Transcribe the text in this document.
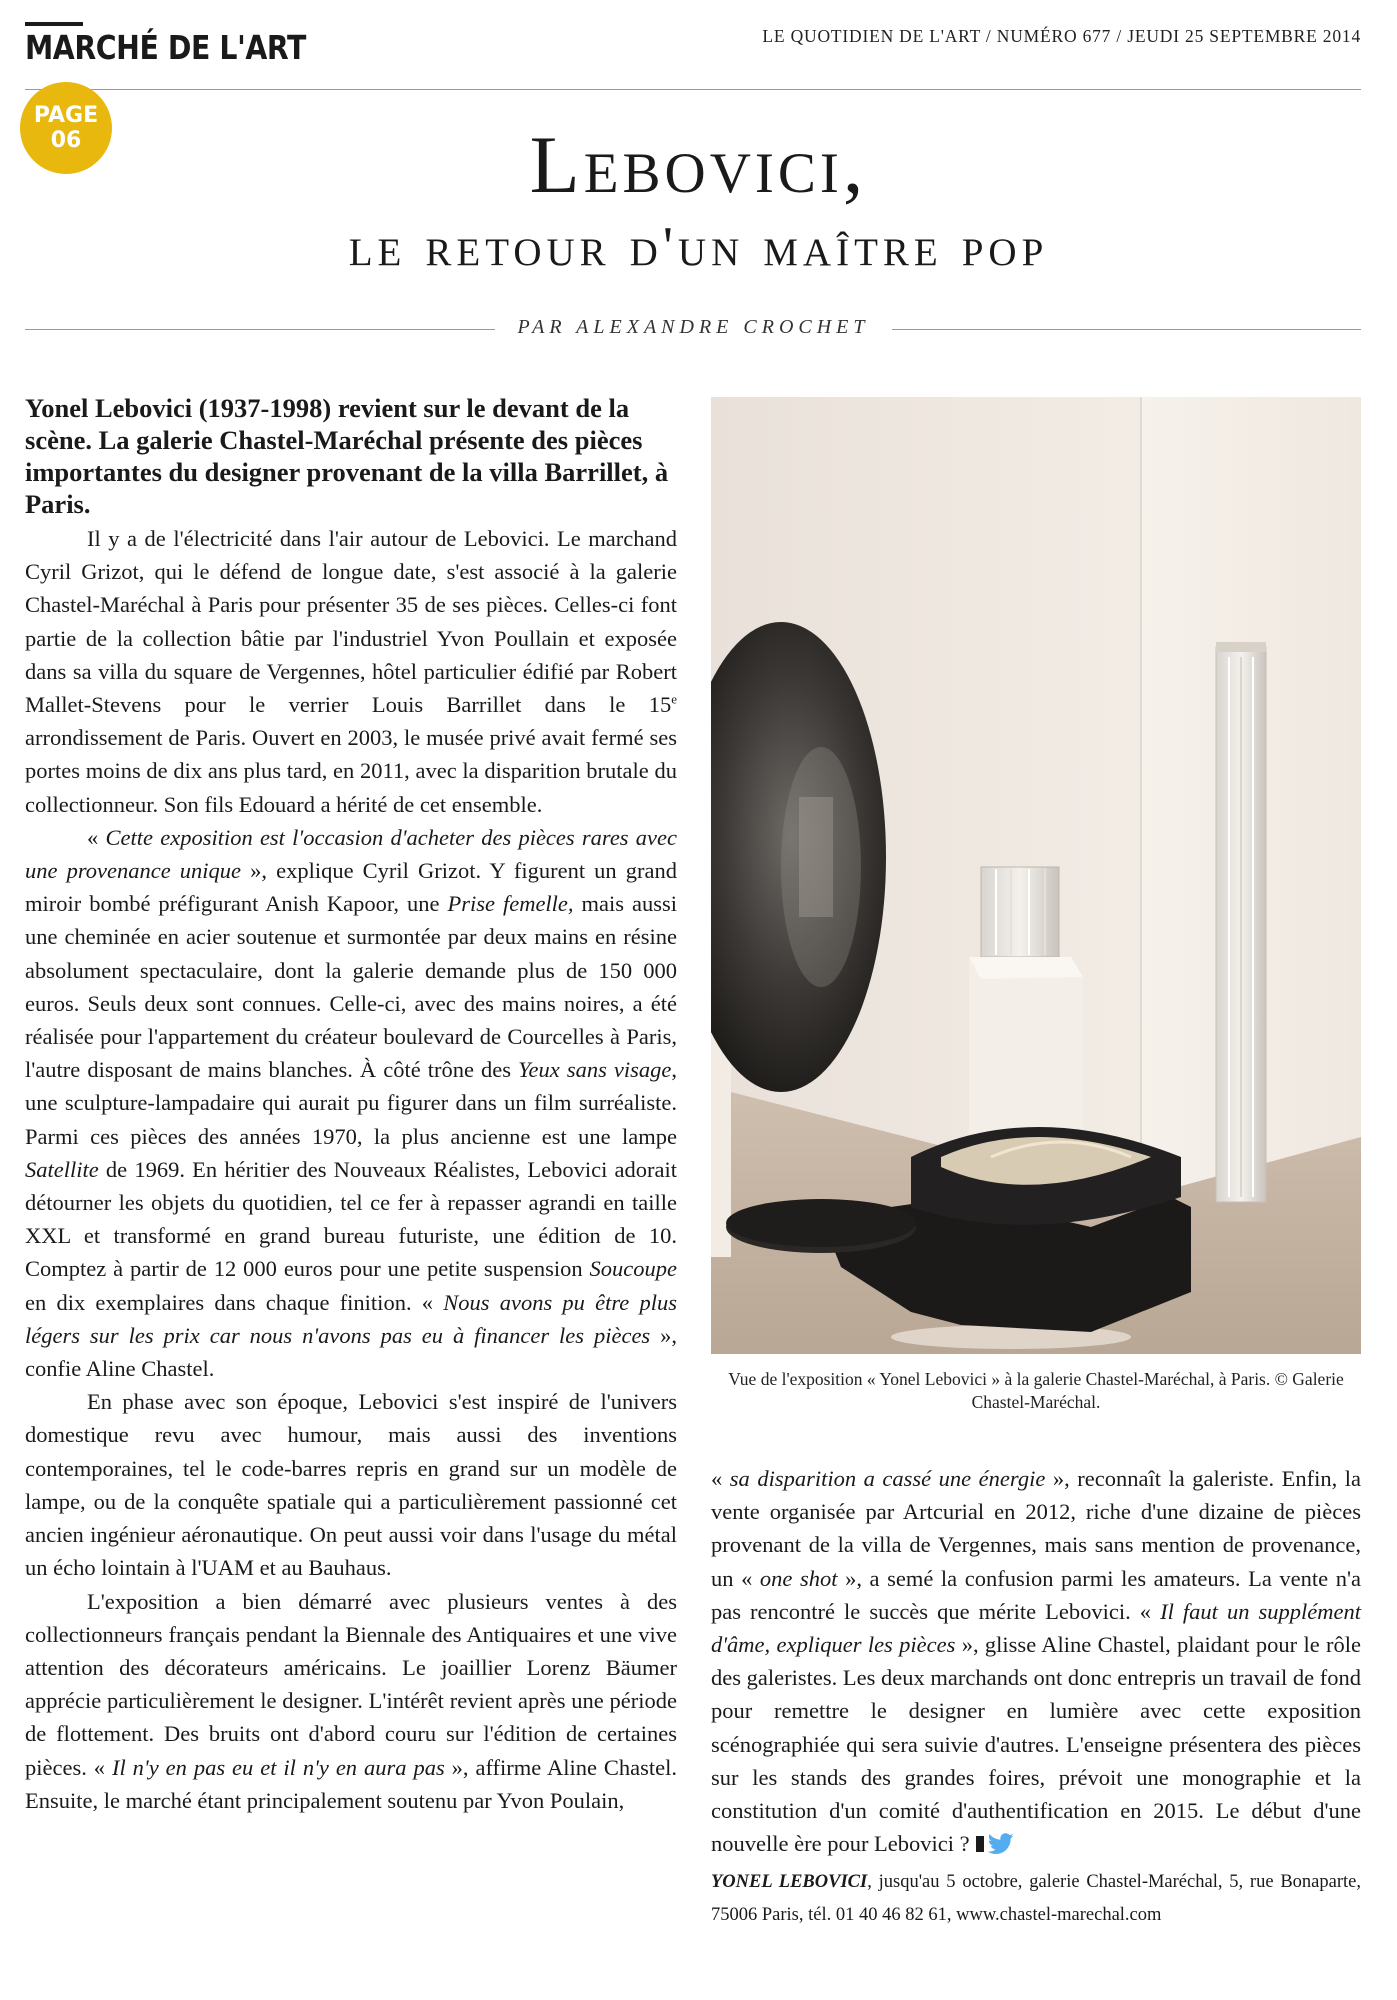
MARCHÉ DE L'ART	LE QUOTIDIEN DE L'ART / NUMÉRO 677 / JEUDI 25 SEPTEMBRE 2014
PAGE
06	Lebovici,
le retour d'un maître pop
PAR ALEXANDRE CROCHET

Yonel Lebovici (1937-1998) revient sur le devant de la scène. La galerie Chastel-Maréchal présente des pièces importantes du designer provenant de la villa Barrillet, à Paris.

Il y a de l'électricité dans l'air autour de Lebovici. Le marchand Cyril Grizot, qui le défend de longue date, s'est associé à la galerie Chastel-Maréchal à Paris pour présenter 35 de ses pièces. Celles-ci font partie de la collection bâtie par l'industriel Yvon Poullain et exposée dans sa villa du square de Vergennes, hôtel particulier édifié par Robert Mallet-Stevens pour le verrier Louis Barrillet dans le 15e arrondissement de Paris. Ouvert en 2003, le musée privé avait fermé ses portes moins de dix ans plus tard, en 2011, avec la disparition brutale du collectionneur. Son fils Edouard a hérité de cet ensemble.

« Cette exposition est l'occasion d'acheter des pièces rares avec une provenance unique », explique Cyril Grizot. Y figurent un grand miroir bombé préfigurant Anish Kapoor, une Prise femelle, mais aussi une cheminée en acier soutenue et surmontée par deux mains en résine absolument spectaculaire, dont la galerie demande plus de 150 000 euros. Seuls deux sont connues. Celle-ci, avec des mains noires, a été réalisée pour l'appartement du créateur boulevard de Courcelles à Paris, l'autre disposant de mains blanches. À côté trône des Yeux sans visage, une sculpture-lampadaire qui aurait pu figurer dans un film surréaliste. Parmi ces pièces des années 1970, la plus ancienne est une lampe Satellite de 1969. En héritier des Nouveaux Réalistes, Lebovici adorait détourner les objets du quotidien, tel ce fer à repasser agrandi en taille XXL et transformé en grand bureau futuriste, une édition de 10. Comptez à partir de 12 000 euros pour une petite suspension Soucoupe en dix exemplaires dans chaque finition. « Nous avons pu être plus légers sur les prix car nous n'avons pas eu à financer les pièces », confie Aline Chastel.

En phase avec son époque, Lebovici s'est inspiré de l'univers domestique revu avec humour, mais aussi des inventions contemporaines, tel le code-barres repris en grand sur un modèle de lampe, ou de la conquête spatiale qui a particulièrement passionné cet ancien ingénieur aéronautique. On peut aussi voir dans l'usage du métal un écho lointain à l'UAM et au Bauhaus.

L'exposition a bien démarré avec plusieurs ventes à des collectionneurs français pendant la Biennale des Antiquaires et une vive attention des décorateurs américains. Le joaillier Lorenz Bäumer apprécie particulièrement le designer. L'intérêt revient après une période de flottement. Des bruits ont d'abord couru sur l'édition de certaines pièces. « Il n'y en pas eu et il n'y en aura pas », affirme Aline Chastel. Ensuite, le marché étant principalement soutenu par Yvon Poulain,

Vue de l'exposition « Yonel Lebovici » à la galerie Chastel-Maréchal, à Paris. © Galerie Chastel-Maréchal.

« sa disparition a cassé une énergie », reconnaît la galeriste. Enfin, la vente organisée par Artcurial en 2012, riche d'une dizaine de pièces provenant de la villa de Vergennes, mais sans mention de provenance, un « one shot », a semé la confusion parmi les amateurs. La vente n'a pas rencontré le succès que mérite Lebovici. « Il faut un supplément d'âme, expliquer les pièces », glisse Aline Chastel, plaidant pour le rôle des galeristes. Les deux marchands ont donc entrepris un travail de fond pour remettre le designer en lumière avec cette exposition scénographiée qui sera suivie d'autres. L'enseigne présentera des pièces sur les stands des grandes foires, prévoit une monographie et la constitution d'un comité d'authentification en 2015. Le début d'une nouvelle ère pour Lebovici ?

YONEL LEBOVICI, jusqu'au 5 octobre, galerie Chastel-Maréchal, 5, rue Bonaparte, 75006 Paris, tél. 01 40 46 82 61, www.chastel-marechal.com
